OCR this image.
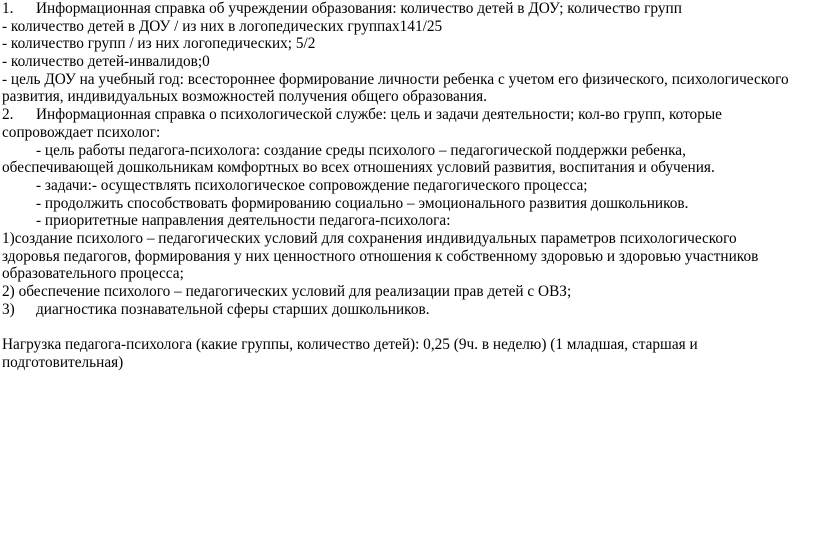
1. Информационная справка об учреждении образования: количество детей в ДОУ; количество групп
- количество детей в ДОУ / из них в логопедических группах141/25
- количество групп / из них логопедических; 5/2
- количество детей-инвалидов;0
- цель ДОУ на учебный год: всестороннее формирование личности ребенка с учетом его физического, психологического
развития, индивидуальных возможностей получения общего образования.
2. Информационная справка о психологической службе: цель и задачи деятельности; кол-во групп, которые
сопровождает психолог:
- цель работы педагога-психолога: создание среды психолого – педагогической поддержки ребенка,
обеспечивающей дошкольникам комфортных во всех отношениях условий развития, воспитания и обучения.
- задачи:- осуществлять психологическое сопровождение педагогического процесса;
- продолжить способствовать формированию социально – эмоционального развития дошкольников.
- приоритетные направления деятельности педагога-психолога:
1)создание психолого – педагогических условий для сохранения индивидуальных параметров психологического
здоровья педагогов, формирования у них ценностного отношения к собственному здоровью и здоровью участников
образовательного процесса;
2) обеспечение психолого – педагогических условий для реализации прав детей с ОВЗ;
3) диагностика познавательной сферы старших дошкольников.
Нагрузка педагога-психолога (какие группы, количество детей): 0,25 (9ч. в неделю) (1 младшая, старшая и
подготовительная)
